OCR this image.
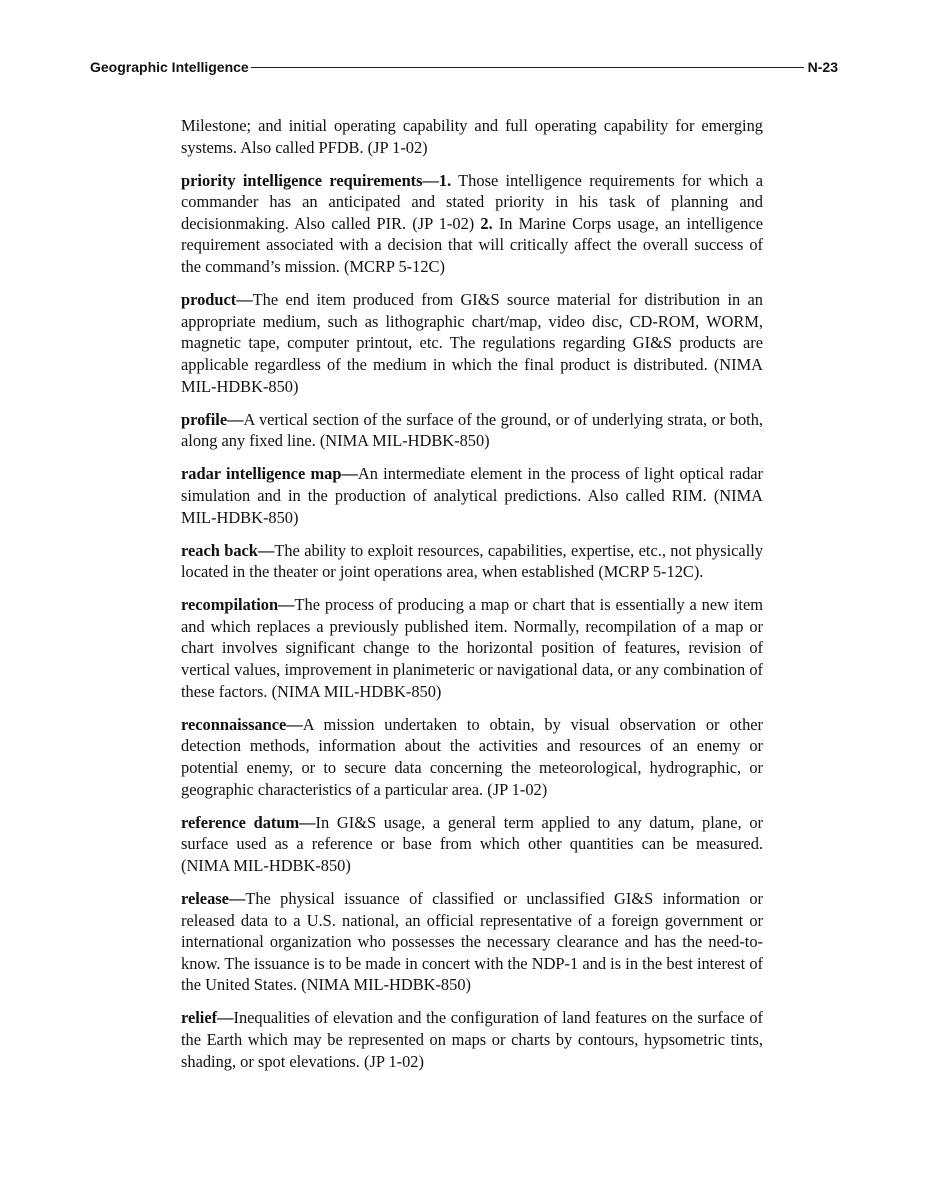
Geographic Intelligence	N-23

Milestone; and initial operating capability and full operating capability for emerging systems. Also called PFDB. (JP 1-02)

priority intelligence requirements—1. Those intelligence requirements for which a commander has an anticipated and stated priority in his task of planning and decisionmaking. Also called PIR. (JP 1-02) 2. In Marine Corps usage, an intelligence requirement associated with a decision that will critically affect the overall success of the command’s mission. (MCRP 5-12C)

product—The end item produced from GI&S source material for distribution in an appropriate medium, such as lithographic chart/map, video disc, CD-ROM, WORM, magnetic tape, computer printout, etc. The regulations regarding GI&S products are applicable regardless of the medium in which the final product is distributed. (NIMA MIL-HDBK-850)

profile—A vertical section of the surface of the ground, or of underlying strata, or both, along any fixed line. (NIMA MIL-HDBK-850)

radar intelligence map—An intermediate element in the process of light optical radar simulation and in the production of analytical predictions. Also called RIM. (NIMA MIL-HDBK-850)

reach back—The ability to exploit resources, capabilities, expertise, etc., not physically located in the theater or joint operations area, when established (MCRP 5-12C).

recompilation—The process of producing a map or chart that is essentially a new item and which replaces a previously published item. Normally, recompilation of a map or chart involves significant change to the horizontal position of features, revision of vertical values, improvement in planimeteric or navigational data, or any combination of these factors. (NIMA MIL-HDBK-850)

reconnaissance—A mission undertaken to obtain, by visual observation or other detection methods, information about the activities and resources of an enemy or potential enemy, or to secure data concerning the meteorological, hydrographic, or geographic characteristics of a particular area. (JP 1-02)

reference datum—In GI&S usage, a general term applied to any datum, plane, or surface used as a reference or base from which other quantities can be measured. (NIMA MIL-HDBK-850)

release—The physical issuance of classified or unclassified GI&S information or released data to a U.S. national, an official representative of a foreign government or international organization who possesses the necessary clearance and has the need-to-know. The issuance is to be made in concert with the NDP-1 and is in the best interest of the United States. (NIMA MIL-HDBK-850)

relief—Inequalities of elevation and the configuration of land features on the surface of the Earth which may be represented on maps or charts by contours, hypsometric tints, shading, or spot elevations. (JP 1-02)
